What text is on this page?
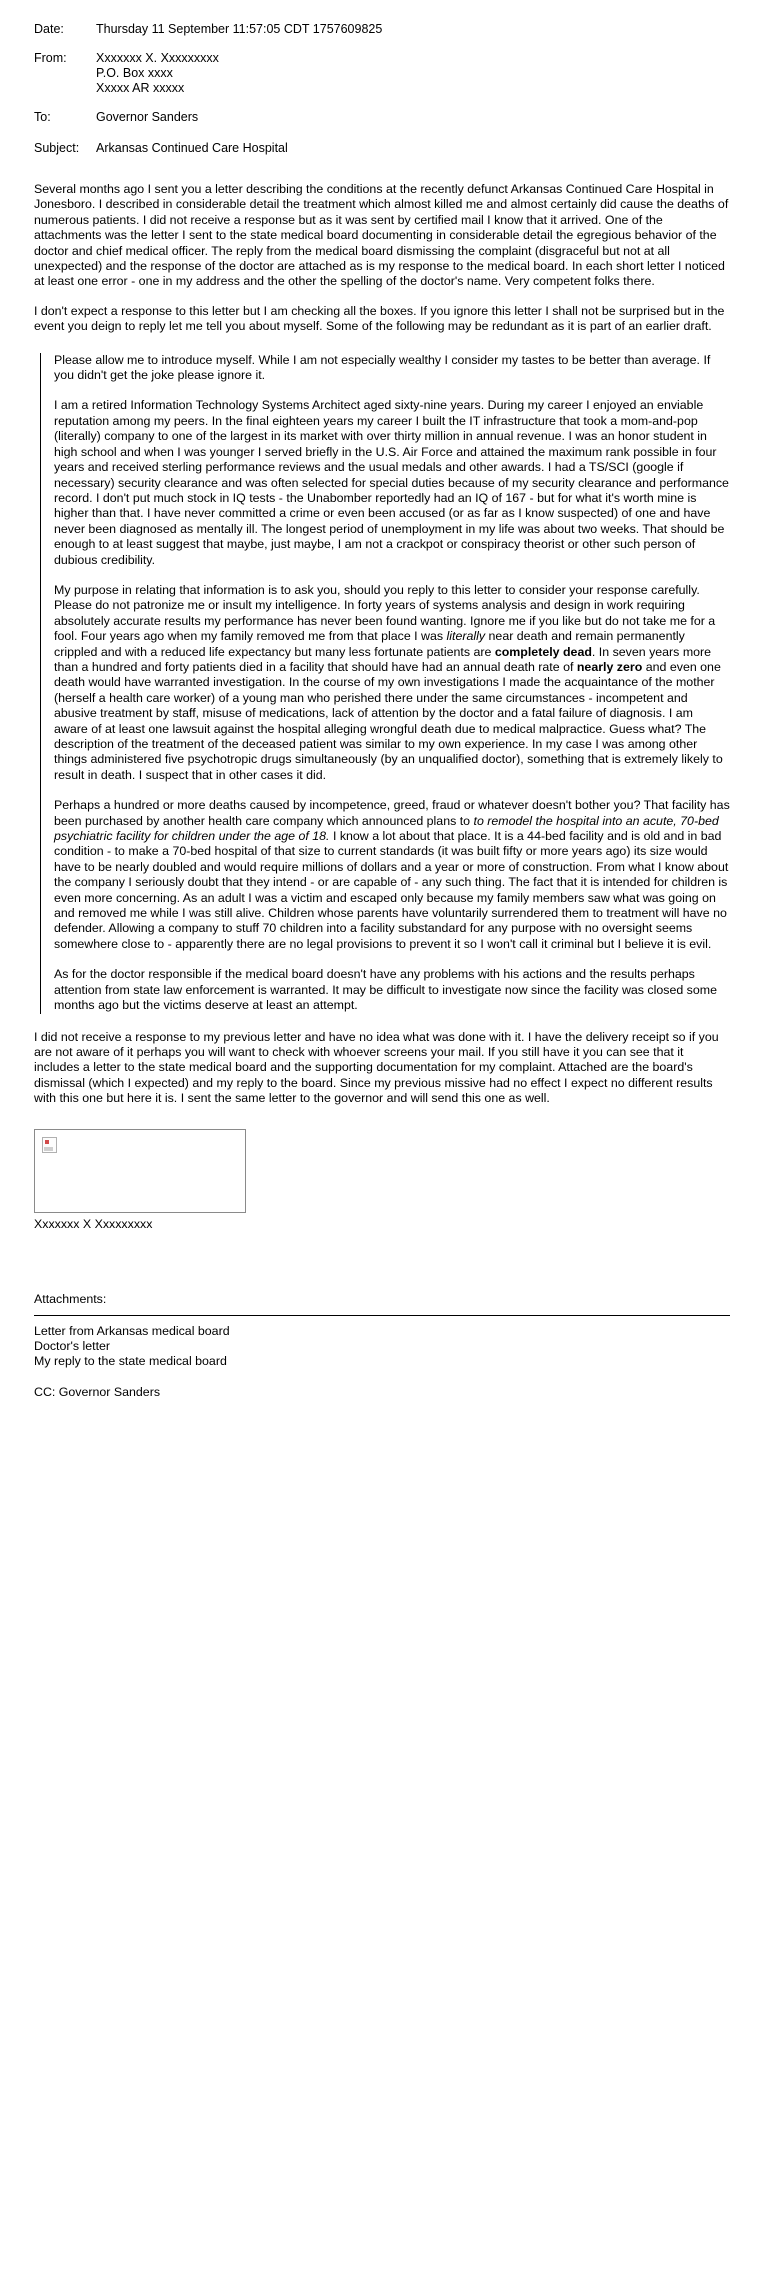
Date:	Thursday 11 September 11:57:05 CDT 1757609825
From:	Xxxxxxx X. Xxxxxxxxx
P.O. Box xxxx
Xxxxx AR xxxxx
To:	Governor Sanders
Subject:	Arkansas Continued Care Hospital

Several months ago I sent you a letter describing the conditions at the recently defunct Arkansas Continued Care Hospital in Jonesboro. I described in considerable detail the treatment which almost killed me and almost certainly did cause the deaths of numerous patients. I did not receive a response but as it was sent by certified mail I know that it arrived. One of the attachments was the letter I sent to the state medical board documenting in considerable detail the egregious behavior of the doctor and chief medical officer. The reply from the medical board dismissing the complaint (disgraceful but not at all unexpected) and the response of the doctor are attached as is my response to the medical board. In each short letter I noticed at least one error - one in my address and the other the spelling of the doctor's name. Very competent folks there.

I don't expect a response to this letter but I am checking all the boxes. If you ignore this letter I shall not be surprised but in the event you deign to reply let me tell you about myself. Some of the following may be redundant as it is part of an earlier draft.

Please allow me to introduce myself. While I am not especially wealthy I consider my tastes to be better than average. If you didn't get the joke please ignore it.

I am a retired Information Technology Systems Architect aged sixty-nine years. During my career I enjoyed an enviable reputation among my peers. In the final eighteen years my career I built the IT infrastructure that took a mom-and-pop (literally) company to one of the largest in its market with over thirty million in annual revenue. I was an honor student in high school and when I was younger I served briefly in the U.S. Air Force and attained the maximum rank possible in four years and received sterling performance reviews and the usual medals and other awards. I had a TS/SCI (google if necessary) security clearance and was often selected for special duties because of my security clearance and performance record. I don't put much stock in IQ tests - the Unabomber reportedly had an IQ of 167 - but for what it's worth mine is higher than that. I have never committed a crime or even been accused (or as far as I know suspected) of one and have never been diagnosed as mentally ill. The longest period of unemployment in my life was about two weeks. That should be enough to at least suggest that maybe, just maybe, I am not a crackpot or conspiracy theorist or other such person of dubious credibility.

My purpose in relating that information is to ask you, should you reply to this letter to consider your response carefully. Please do not patronize me or insult my intelligence. In forty years of systems analysis and design in work requiring absolutely accurate results my performance has never been found wanting. Ignore me if you like but do not take me for a fool. Four years ago when my family removed me from that place I was literally near death and remain permanently crippled and with a reduced life expectancy but many less fortunate patients are completely dead. In seven years more than a hundred and forty patients died in a facility that should have had an annual death rate of nearly zero and even one death would have warranted investigation. In the course of my own investigations I made the acquaintance of the mother (herself a health care worker) of a young man who perished there under the same circumstances - incompetent and abusive treatment by staff, misuse of medications, lack of attention by the doctor and a fatal failure of diagnosis. I am aware of at least one lawsuit against the hospital alleging wrongful death due to medical malpractice. Guess what? The description of the treatment of the deceased patient was similar to my own experience. In my case I was among other things administered five psychotropic drugs simultaneously (by an unqualified doctor), something that is extremely likely to result in death. I suspect that in other cases it did.

Perhaps a hundred or more deaths caused by incompetence, greed, fraud or whatever doesn't bother you? That facility has been purchased by another health care company which announced plans to to remodel the hospital into an acute, 70-bed psychiatric facility for children under the age of 18. I know a lot about that place. It is a 44-bed facility and is old and in bad condition - to make a 70-bed hospital of that size to current standards (it was built fifty or more years ago) its size would have to be nearly doubled and would require millions of dollars and a year or more of construction. From what I know about the company I seriously doubt that they intend - or are capable of - any such thing. The fact that it is intended for children is even more concerning. As an adult I was a victim and escaped only because my family members saw what was going on and removed me while I was still alive. Children whose parents have voluntarily surrendered them to treatment will have no defender. Allowing a company to stuff 70 children into a facility substandard for any purpose with no oversight seems somewhere close to - apparently there are no legal provisions to prevent it so I won't call it criminal but I believe it is evil.

As for the doctor responsible if the medical board doesn't have any problems with his actions and the results perhaps attention from state law enforcement is warranted. It may be difficult to investigate now since the facility was closed some months ago but the victims deserve at least an attempt.

I did not receive a response to my previous letter and have no idea what was done with it. I have the delivery receipt so if you are not aware of it perhaps you will want to check with whoever screens your mail. If you still have it you can see that it includes a letter to the state medical board and the supporting documentation for my complaint. Attached are the board's dismissal (which I expected) and my reply to the board. Since my previous missive had no effect I expect no different results with this one but here it is. I sent the same letter to the governor and will send this one as well.

Xxxxxxx X Xxxxxxxxx
Attachments:
Letter from Arkansas medical board
Doctor's letter
My reply to the state medical board
CC: Governor Sanders
